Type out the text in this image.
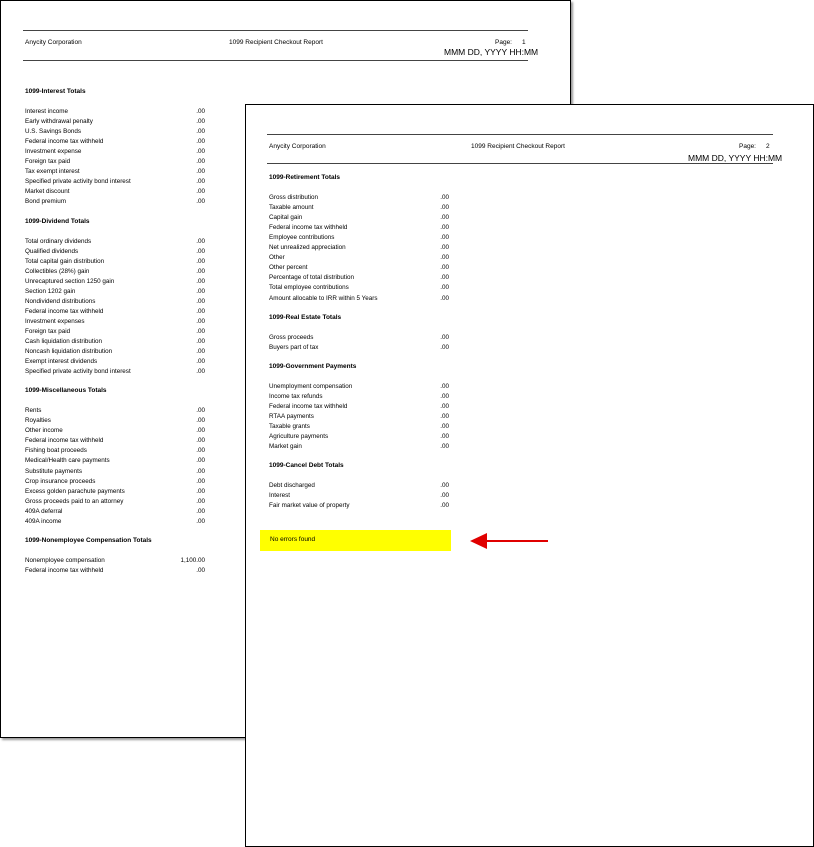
Anycity Corporation	1099 Recipient Checkout Report	Page: 1
MMM DD, YYYY HH:MM
1099-Interest Totals
Interest income	.00
Early withdrawal penalty	.00
U.S. Savings Bonds	.00
Federal income tax withheld	.00
Investment expense	.00
Foreign tax paid	.00
Tax exempt interest	.00
Specified private activity bond interest	.00
Market discount	.00
Bond premium	.00
1099-Dividend Totals
Total ordinary dividends	.00
Qualified dividends	.00
Total capital gain distribution	.00
Collectibles (28%) gain	.00
Unrecaptured section 1250 gain	.00
Section 1202 gain	.00
Nondividend distributions	.00
Federal income tax withheld	.00
Investment expenses	.00
Foreign tax paid	.00
Cash liquidation distribution	.00
Noncash liquidation distribution	.00
Exempt interest dividends	.00
Specified private activity bond interest	.00
1099-Miscellaneous Totals
Rents	.00
Royalties	.00
Other income	.00
Federal income tax withheld	.00
Fishing boat proceeds	.00
Medical/Health care payments	.00
Substitute payments	.00
Crop insurance proceeds	.00
Excess golden parachute payments	.00
Gross proceeds paid to an attorney	.00
409A deferral	.00
409A income	.00
1099-Nonemployee Compensation Totals
Nonemployee compensation	1,100.00
Federal income tax withheld	.00
Anycity Corporation	1099 Recipient Checkout Report	Page: 2
MMM DD, YYYY HH:MM
1099-Retirement Totals
Gross distribution	.00
Taxable amount	.00
Capital gain	.00
Federal income tax withheld	.00
Employee contributions	.00
Net unrealized appreciation	.00
Other	.00
Other percent	.00
Percentage of total distribution	.00
Total employee contributions	.00
Amount allocable to IRR within 5 Years	.00
1099-Real Estate Totals
Gross proceeds	.00
Buyers part of tax	.00
1099-Government Payments
Unemployment compensation	.00
Income tax refunds	.00
Federal income tax withheld	.00
RTAA payments	.00
Taxable grants	.00
Agriculture payments	.00
Market gain	.00
1099-Cancel Debt Totals
Debt discharged	.00
Interest	.00
Fair market value of property	.00
No errors found
